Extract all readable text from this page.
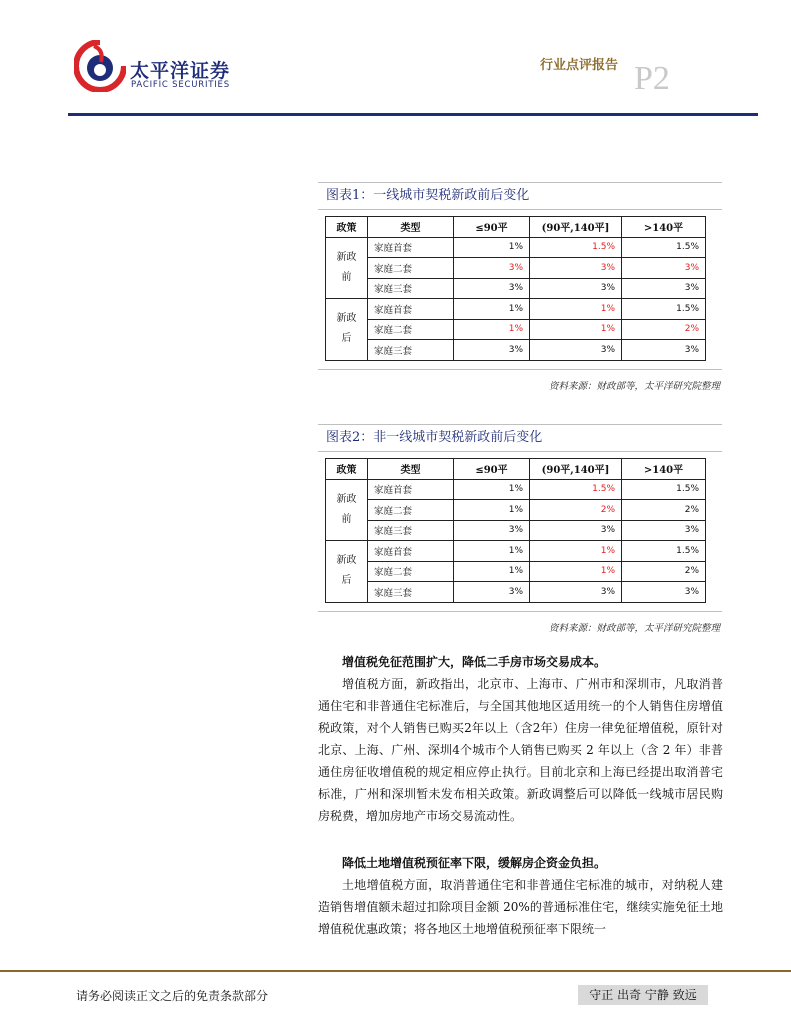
太平洋证券
PACIFIC SECURITIES
行业点评报告 P2
图表1：一线城市契税新政前后变化
政策	类型	≤90平	(90平,140平]	>140平
新政前	家庭首套	1%	1.5%	1.5%
	家庭二套	3%	3%	3%
	家庭三套	3%	3%	3%
新政后	家庭首套	1%	1%	1.5%
	家庭二套	1%	1%	2%
	家庭三套	3%	3%	3%
资料来源：财政部等，太平洋研究院整理
图表2：非一线城市契税新政前后变化
政策	类型	≤90平	(90平,140平]	>140平
新政前	家庭首套	1%	1.5%	1.5%
	家庭二套	1%	2%	2%
	家庭三套	3%	3%	3%
新政后	家庭首套	1%	1%	1.5%
	家庭二套	1%	1%	2%
	家庭三套	3%	3%	3%
资料来源：财政部等，太平洋研究院整理
增值税免征范围扩大，降低二手房市场交易成本。
增值税方面，新政指出，北京市、上海市、广州市和深圳市，凡取消普通住宅和非普通住宅标准后，与全国其他地区适用统一的个人销售住房增值税政策，对个人销售已购买2年以上（含2年）住房一律免征增值税，原针对北京、上海、广州、深圳4个城市个人销售已购买 2 年以上（含 2 年）非普通住房征收增值税的规定相应停止执行。目前北京和上海已经提出取消普宅标准，广州和深圳暂未发布相关政策。新政调整后可以降低一线城市居民购房税费，增加房地产市场交易流动性。
降低土地增值税预征率下限，缓解房企资金负担。
土地增值税方面，取消普通住宅和非普通住宅标准的城市，对纳税人建造销售增值额未超过扣除项目金额 20%的普通标准住宅，继续实施免征土地增值税优惠政策；将各地区土地增值税预征率下限统一
请务必阅读正文之后的免责条款部分	守正 出奇 宁静 致远
